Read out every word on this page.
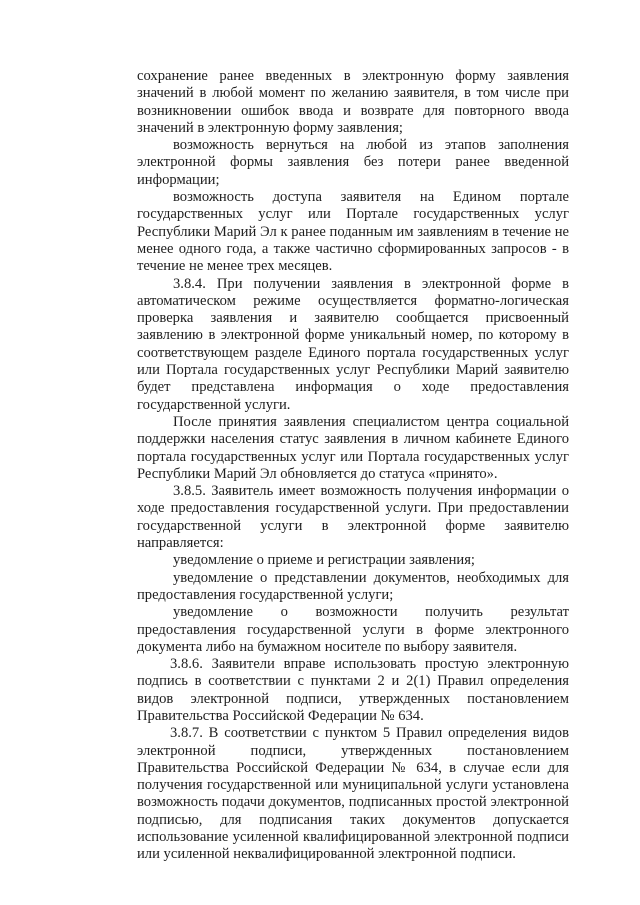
сохранение ранее введенных в электронную форму заявления значений в любой момент по желанию заявителя, в том числе при возникновении ошибок ввода и возврате для повторного ввода значений в электронную форму заявления;

возможность вернуться на любой из этапов заполнения электронной формы заявления без потери ранее введенной информации;

возможность доступа заявителя на Едином портале государственных услуг или Портале государственных услуг Республики Марий Эл к ранее поданным им заявлениям в течение не менее одного года, а также частично сформированных запросов - в течение не менее трех месяцев.

3.8.4. При получении заявления в электронной форме в автоматическом режиме осуществляется форматно-логическая проверка заявления и заявителю сообщается присвоенный заявлению в электронной форме уникальный номер, по которому в соответствующем разделе Единого портала государственных услуг или Портала государственных услуг Республики Марий заявителю будет представлена информация о ходе предоставления государственной услуги.

После принятия заявления специалистом центра социальной поддержки населения статус заявления в личном кабинете Единого портала государственных услуг или Портала государственных услуг Республики Марий Эл обновляется до статуса «принято».

3.8.5. Заявитель имеет возможность получения информации о ходе предоставления государственной услуги. При предоставлении государственной услуги в электронной форме заявителю направляется:

уведомление о приеме и регистрации заявления;

уведомление о представлении документов, необходимых для предоставления государственной услуги;

уведомление о возможности получить результат предоставления государственной услуги в форме электронного документа либо на бумажном носителе по выбору заявителя.

3.8.6. Заявители вправе использовать простую электронную подпись в соответствии с пунктами 2 и 2(1) Правил определения видов электронной подписи, утвержденных постановлением Правительства Российской Федерации № 634.

3.8.7. В соответствии с пунктом 5 Правил определения видов электронной подписи, утвержденных постановлением Правительства Российской Федерации № 634, в случае если для получения государственной или муниципальной услуги установлена возможность подачи документов, подписанных простой электронной подписью, для подписания таких документов допускается использование усиленной квалифицированной электронной подписи или усиленной неквалифицированной электронной подписи.
